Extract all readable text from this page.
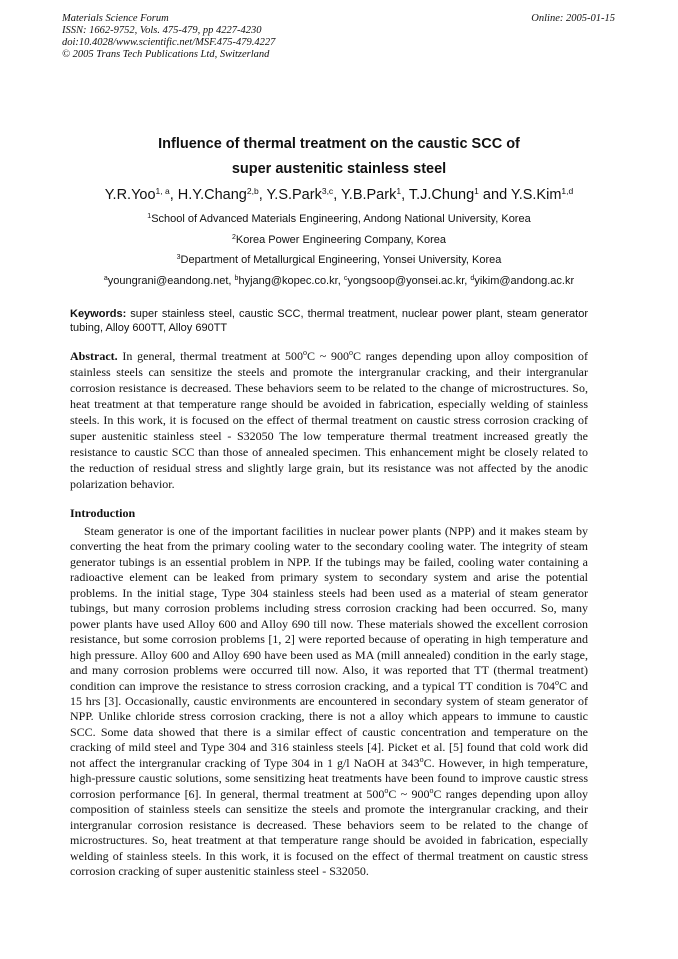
Materials Science Forum
ISSN: 1662-9752, Vols. 475-479, pp 4227-4230
doi:10.4028/www.scientific.net/MSF.475-479.4227
© 2005 Trans Tech Publications Ltd, Switzerland
Online: 2005-01-15
Influence of thermal treatment on the caustic SCC of
super austenitic stainless steel
Y.R.Yoo$^{1, a}$, H.Y.Chang$^{2,b}$, Y.S.Park$^{3,c}$, Y.B.Park$^1$, T.J.Chung$^1$ and Y.S.Kim$^{1,d}$
$^1$School of Advanced Materials Engineering, Andong National University, Korea
$^2$Korea Power Engineering Company, Korea
$^3$Department of Metallurgical Engineering, Yonsei University, Korea
$^a$youngrani@eandong.net, $^b$hyjang@kopec.co.kr, $^c$yongsoop@yonsei.ac.kr, $^d$yikim@andong.ac.kr
Keywords: super stainless steel, caustic SCC, thermal treatment, nuclear power plant, steam generator tubing, Alloy 600TT, Alloy 690TT
Abstract. In general, thermal treatment at 500$^o$C ~ 900$^o$C ranges depending upon alloy composition of stainless steels can sensitize the steels and promote the intergranular cracking, and their intergranular corrosion resistance is decreased. These behaviors seem to be related to the change of microstructures. So, heat treatment at that temperature range should be avoided in fabrication, especially welding of stainless steels. In this work, it is focused on the effect of thermal treatment on caustic stress corrosion cracking of super austenitic stainless steel - S32050 The low temperature thermal treatment increased greatly the resistance to caustic SCC than those of annealed specimen. This enhancement might be closely related to the reduction of residual stress and slightly large grain, but its resistance was not affected by the anodic polarization behavior.
Introduction
Steam generator is one of the important facilities in nuclear power plants (NPP) and it makes steam by converting the heat from the primary cooling water to the secondary cooling water. The integrity of steam generator tubings is an essential problem in NPP. If the tubings may be failed, cooling water containing a radioactive element can be leaked from primary system to secondary system and arise the potential problems. In the initial stage, Type 304 stainless steels had been used as a material of steam generator tubings, but many corrosion problems including stress corrosion cracking had been occurred. So, many power plants have used Alloy 600 and Alloy 690 till now. These materials showed the excellent corrosion resistance, but some corrosion problems [1, 2] were reported because of operating in high temperature and high pressure. Alloy 600 and Alloy 690 have been used as MA (mill annealed) condition in the early stage, and many corrosion problems were occurred till now. Also, it was reported that TT (thermal treatment) condition can improve the resistance to stress corrosion cracking, and a typical TT condition is 704$^o$C and 15 hrs [3]. Occasionally, caustic environments are encountered in secondary system of steam generator of NPP. Unlike chloride stress corrosion cracking, there is not a alloy which appears to immune to caustic SCC. Some data showed that there is a similar effect of caustic concentration and temperature on the cracking of mild steel and Type 304 and 316 stainless steels [4]. Picket et al. [5] found that cold work did not affect the intergranular cracking of Type 304 in 1 g/l NaOH at 343$^o$C. However, in high temperature, high-pressure caustic solutions, some sensitizing heat treatments have been found to improve caustic stress corrosion performance [6]. In general, thermal treatment at 500$^o$C ~ 900$^o$C ranges depending upon alloy composition of stainless steels can sensitize the steels and promote the intergranular cracking, and their intergranular corrosion resistance is decreased. These behaviors seem to be related to the change of microstructures. So, heat treatment at that temperature range should be avoided in fabrication, especially welding of stainless steels. In this work, it is focused on the effect of thermal treatment on caustic stress corrosion cracking of super austenitic stainless steel - S32050.
